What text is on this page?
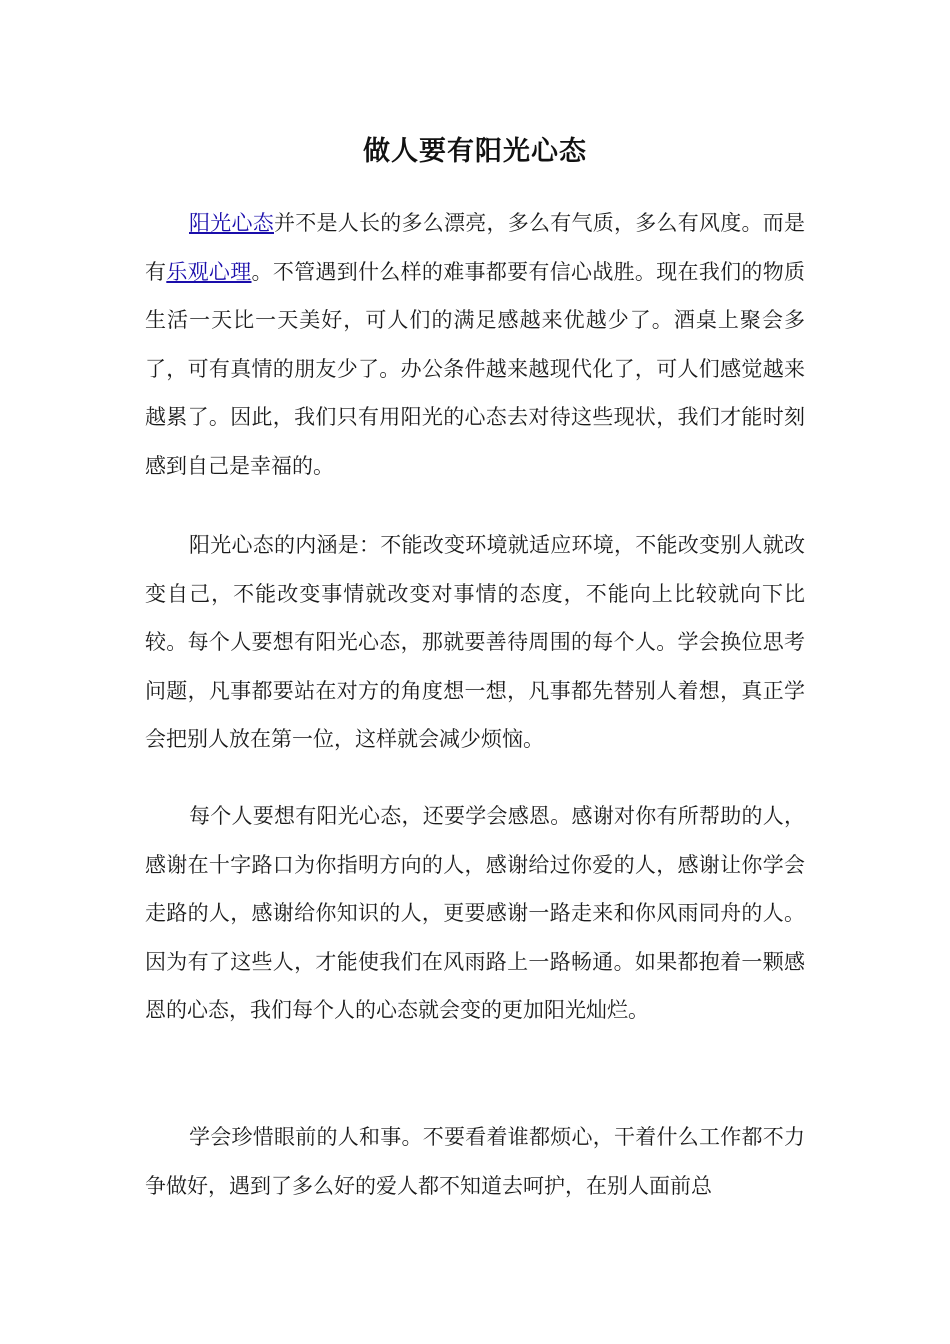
做人要有阳光心态

阳光心态并不是人长的多么漂亮，多么有气质，多么有风度。而是有乐观心理。不管遇到什么样的难事都要有信心战胜。现在我们的物质生活一天比一天美好，可人们的满足感越来优越少了。酒桌上聚会多了，可有真情的朋友少了。办公条件越来越现代化了，可人们感觉越来越累了。因此，我们只有用阳光的心态去对待这些现状，我们才能时刻感到自己是幸福的。

阳光心态的内涵是：不能改变环境就适应环境，不能改变别人就改变自己，不能改变事情就改变对事情的态度，不能向上比较就向下比较。每个人要想有阳光心态，那就要善待周围的每个人。学会换位思考问题，凡事都要站在对方的角度想一想，凡事都先替别人着想，真正学会把别人放在第一位，这样就会减少烦恼。

每个人要想有阳光心态，还要学会感恩。感谢对你有所帮助的人，感谢在十字路口为你指明方向的人，感谢给过你爱的人，感谢让你学会走路的人，感谢给你知识的人，更要感谢一路走来和你风雨同舟的人。因为有了这些人，才能使我们在风雨路上一路畅通。如果都抱着一颗感恩的心态，我们每个人的心态就会变的更加阳光灿烂。

学会珍惜眼前的人和事。不要看着谁都烦心，干着什么工作都不力争做好，遇到了多么好的爱人都不知道去呵护，在别人面前总
